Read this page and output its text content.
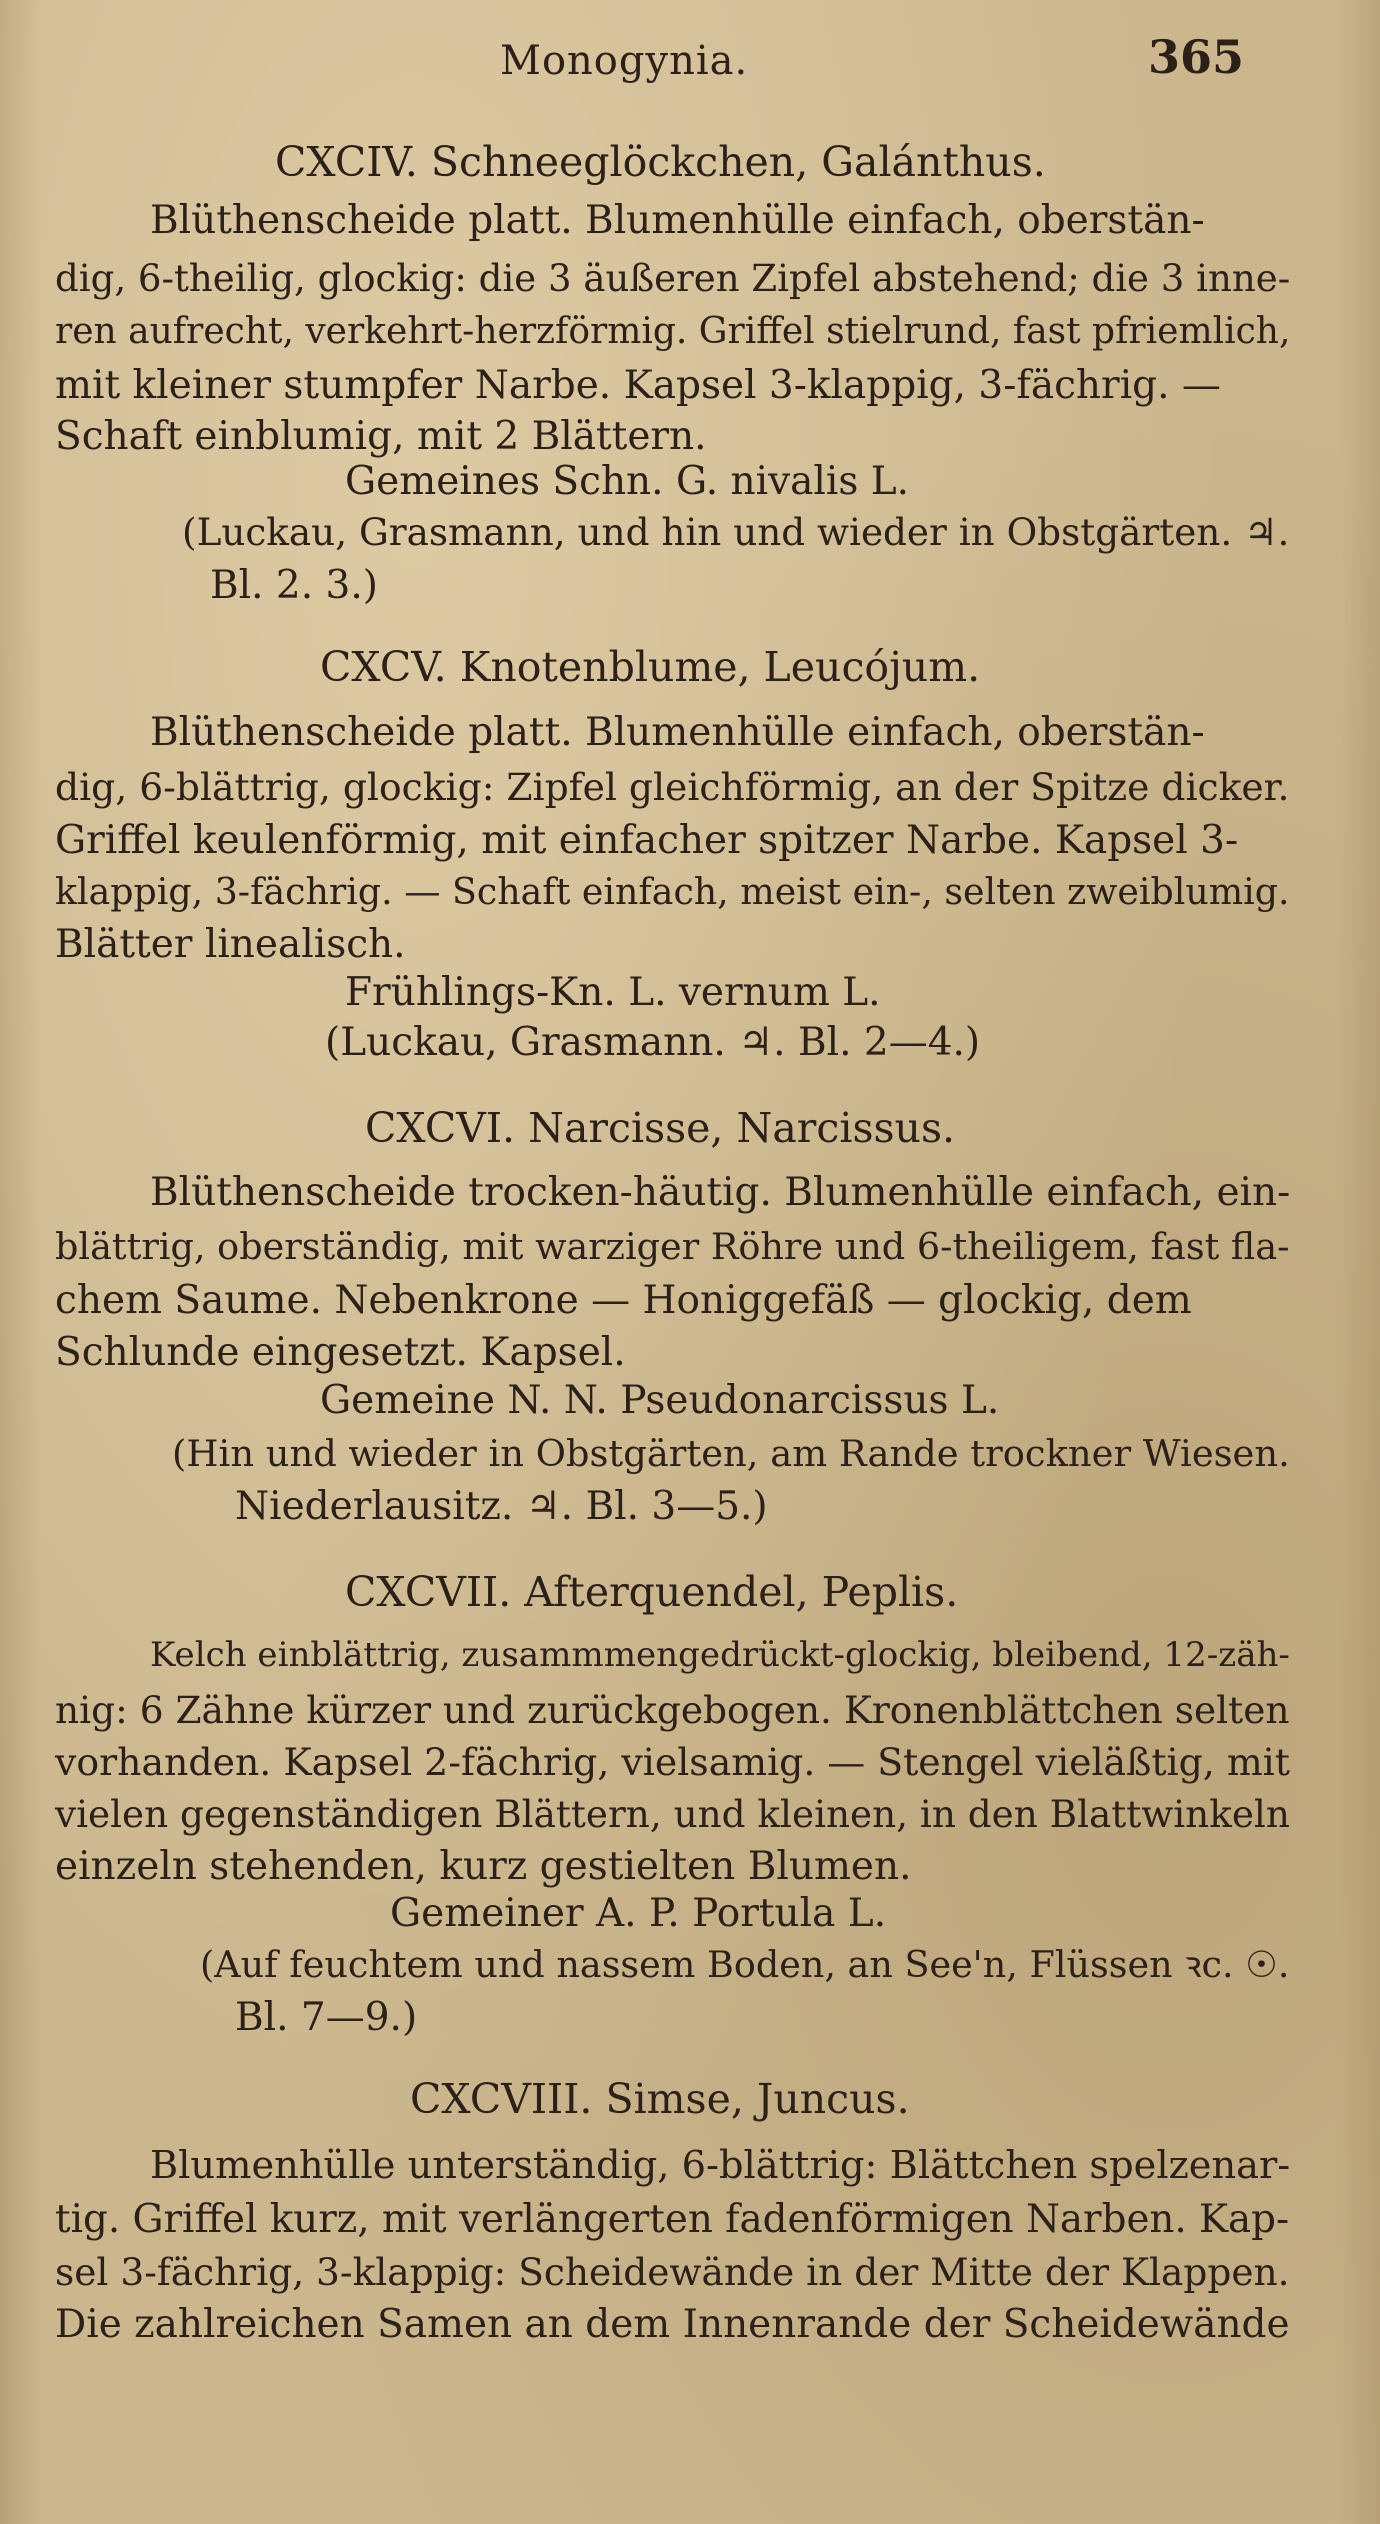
Monogynia.	365
CXCIV. Schneeglöckchen, Galánthus.
Blüthenscheide platt. Blumenhülle einfach, oberstän-
dig, 6-theilig, glockig: die 3 äußeren Zipfel abstehend; die 3 inne-
ren aufrecht, verkehrt-herzförmig. Griffel stielrund, fast pfriemlich,
mit kleiner stumpfer Narbe. Kapsel 3-klappig, 3-fächrig. —
Schaft einblumig, mit 2 Blättern.
Gemeines Schn. G. nivalis L.
(Luckau, Grasmann, und hin und wieder in Obstgärten. ♃.
Bl. 2. 3.)
CXCV. Knotenblume, Leucójum.
Blüthenscheide platt. Blumenhülle einfach, oberstän-
dig, 6-blättrig, glockig: Zipfel gleichförmig, an der Spitze dicker.
Griffel keulenförmig, mit einfacher spitzer Narbe. Kapsel 3-
klappig, 3-fächrig. — Schaft einfach, meist ein-, selten zweiblumig.
Blätter linealisch.
Frühlings-Kn. L. vernum L.
(Luckau, Grasmann. ♃. Bl. 2—4.)
CXCVI. Narcisse, Narcissus.
Blüthenscheide trocken-häutig. Blumenhülle einfach, ein-
blättrig, oberständig, mit warziger Röhre und 6-theiligem, fast fla-
chem Saume. Nebenkrone — Honiggefäß — glockig, dem
Schlunde eingesetzt. Kapsel.
Gemeine N. N. Pseudonarcissus L.
(Hin und wieder in Obstgärten, am Rande trockner Wiesen.
Niederlausitz. ♃. Bl. 3—5.)
CXCVII. Afterquendel, Peplis.
Kelch einblättrig, zusammmengedrückt-glockig, bleibend, 12-zäh-
nig: 6 Zähne kürzer und zurückgebogen. Kronenblättchen selten
vorhanden. Kapsel 2-fächrig, vielsamig. — Stengel vieläßtig, mit
vielen gegenständigen Blättern, und kleinen, in den Blattwinkeln
einzeln stehenden, kurz gestielten Blumen.
Gemeiner A. P. Portula L.
(Auf feuchtem und nassem Boden, an See'n, Flüssen ꝛc. ☉.
Bl. 7—9.)
CXCVIII. Simse, Juncus.
Blumenhülle unterständig, 6-blättrig: Blättchen spelzenar-
tig. Griffel kurz, mit verlängerten fadenförmigen Narben. Kap-
sel 3-fächrig, 3-klappig: Scheidewände in der Mitte der Klappen.
Die zahlreichen Samen an dem Innenrande der Scheidewände
